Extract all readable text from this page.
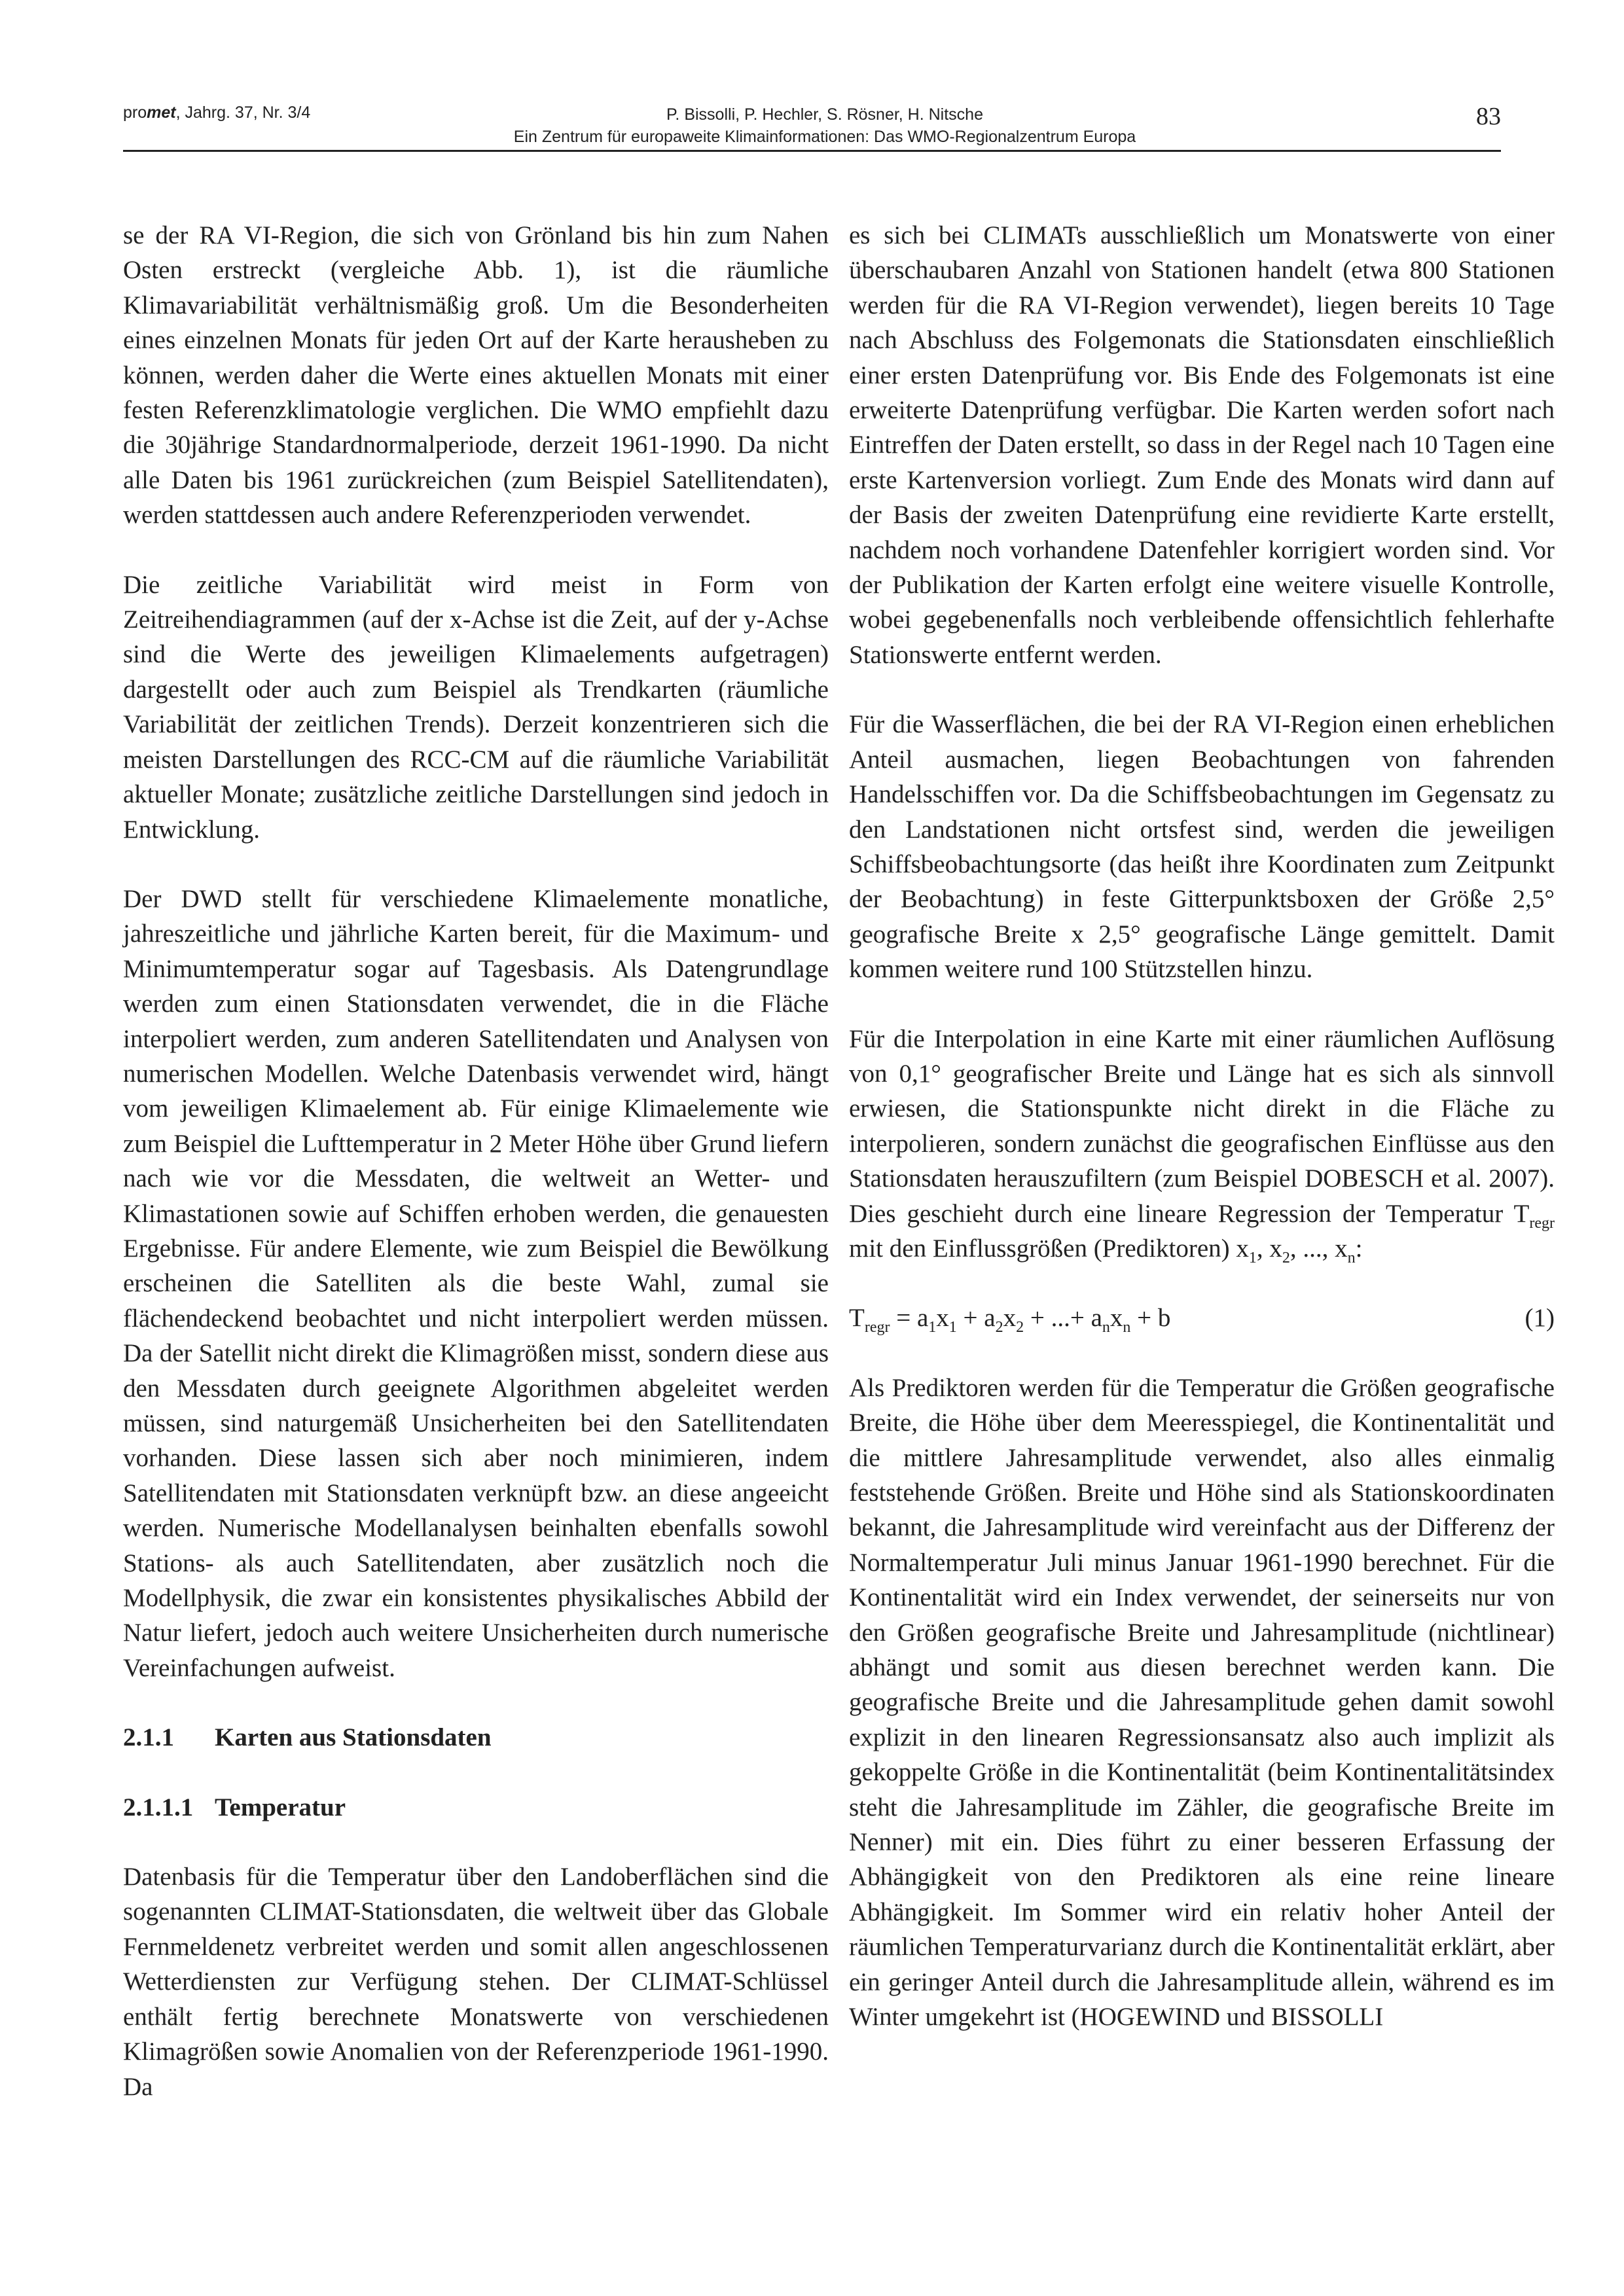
promet, Jahrg. 37, Nr. 3/4	P. Bissolli, P. Hechler, S. Rösner, H. Nitsche
Ein Zentrum für europaweite Klimainformationen: Das WMO-Regionalzentrum Europa
83

se der RA VI-Region, die sich von Grönland bis hin zum Nahen Osten erstreckt (vergleiche Abb. 1), ist die räumliche Klimavariabilität verhältnismäßig groß. Um die Besonderheiten eines einzelnen Monats für jeden Ort auf der Karte herausheben zu können, werden daher die Werte eines aktuellen Monats mit einer festen Referenzklimatologie verglichen. Die WMO empfiehlt dazu die 30jährige Standardnormalperiode, derzeit 1961-1990. Da nicht alle Daten bis 1961 zurückreichen (zum Beispiel Satellitendaten), werden stattdessen auch andere Referenzperioden verwendet.

Die zeitliche Variabilität wird meist in Form von Zeitreihendiagrammen (auf der x-Achse ist die Zeit, auf der y-Achse sind die Werte des jeweiligen Klimaelements aufgetragen) dargestellt oder auch zum Beispiel als Trendkarten (räumliche Variabilität der zeitlichen Trends). Derzeit konzentrieren sich die meisten Darstellungen des RCC-CM auf die räumliche Variabilität aktueller Monate; zusätzliche zeitliche Darstellungen sind jedoch in Entwicklung.

Der DWD stellt für verschiedene Klimaelemente monatliche, jahreszeitliche und jährliche Karten bereit, für die Maximum- und Minimumtemperatur sogar auf Tagesbasis. Als Datengrundlage werden zum einen Stationsdaten verwendet, die in die Fläche interpoliert werden, zum anderen Satellitendaten und Analysen von numerischen Modellen. Welche Datenbasis verwendet wird, hängt vom jeweiligen Klimaelement ab. Für einige Klimaelemente wie zum Beispiel die Lufttemperatur in 2 Meter Höhe über Grund liefern nach wie vor die Messdaten, die weltweit an Wetter- und Klimastationen sowie auf Schiffen erhoben werden, die genauesten Ergebnisse. Für andere Elemente, wie zum Beispiel die Bewölkung erscheinen die Satelliten als die beste Wahl, zumal sie flächendeckend beobachtet und nicht interpoliert werden müssen. Da der Satellit nicht direkt die Klimagrößen misst, sondern diese aus den Messdaten durch geeignete Algorithmen abgeleitet werden müssen, sind naturgemäß Unsicherheiten bei den Satellitendaten vorhanden. Diese lassen sich aber noch minimieren, indem Satellitendaten mit Stationsdaten verknüpft bzw. an diese angeeicht werden. Numerische Modellanalysen beinhalten ebenfalls sowohl Stations- als auch Satellitendaten, aber zusätzlich noch die Modellphysik, die zwar ein konsistentes physikalisches Abbild der Natur liefert, jedoch auch weitere Unsicherheiten durch numerische Vereinfachungen aufweist.

2.1.1 Karten aus Stationsdaten
2.1.1.1 Temperatur

Datenbasis für die Temperatur über den Landoberflächen sind die sogenannten CLIMAT-Stationsdaten, die weltweit über das Globale Fernmeldenetz verbreitet werden und somit allen angeschlossenen Wetterdiensten zur Verfügung stehen. Der CLIMAT-Schlüssel enthält fertig berechnete Monatswerte von verschiedenen Klimagrößen sowie Anomalien von der Referenzperiode 1961-1990. Da

es sich bei CLIMATs ausschließlich um Monatswerte von einer überschaubaren Anzahl von Stationen handelt (etwa 800 Stationen werden für die RA VI-Region verwendet), liegen bereits 10 Tage nach Abschluss des Folgemonats die Stationsdaten einschließlich einer ersten Datenprüfung vor. Bis Ende des Folgemonats ist eine erweiterte Datenprüfung verfügbar. Die Karten werden sofort nach Eintreffen der Daten erstellt, so dass in der Regel nach 10 Tagen eine erste Kartenversion vorliegt. Zum Ende des Monats wird dann auf der Basis der zweiten Datenprüfung eine revidierte Karte erstellt, nachdem noch vorhandene Datenfehler korrigiert worden sind. Vor der Publikation der Karten erfolgt eine weitere visuelle Kontrolle, wobei gegebenenfalls noch verbleibende offensichtlich fehlerhafte Stationswerte entfernt werden.

Für die Wasserflächen, die bei der RA VI-Region einen erheblichen Anteil ausmachen, liegen Beobachtungen von fahrenden Handelsschiffen vor. Da die Schiffsbeobachtungen im Gegensatz zu den Landstationen nicht ortsfest sind, werden die jeweiligen Schiffsbeobachtungsorte (das heißt ihre Koordinaten zum Zeitpunkt der Beobachtung) in feste Gitterpunktsboxen der Größe 2,5° geografische Breite x 2,5° geografische Länge gemittelt. Damit kommen weitere rund 100 Stützstellen hinzu.

Für die Interpolation in eine Karte mit einer räumlichen Auflösung von 0,1° geografischer Breite und Länge hat es sich als sinnvoll erwiesen, die Stationspunkte nicht direkt in die Fläche zu interpolieren, sondern zunächst die geografischen Einflüsse aus den Stationsdaten herauszufiltern (zum Beispiel DOBESCH et al. 2007). Dies geschieht durch eine lineare Regression der Temperatur $T_{regr}$ mit den Einflussgrößen (Prediktoren) $x_1$, $x_2$, ..., $x_n$:

$T_{regr} = a_1x_1 + a_2x_2$ + ...+ $a_nx_n + b$	(1)

Als Prediktoren werden für die Temperatur die Größen geografische Breite, die Höhe über dem Meeresspiegel, die Kontinentalität und die mittlere Jahresamplitude verwendet, also alles einmalig feststehende Größen. Breite und Höhe sind als Stationskoordinaten bekannt, die Jahresamplitude wird vereinfacht aus der Differenz der Normaltemperatur Juli minus Januar 1961-1990 berechnet. Für die Kontinentalität wird ein Index verwendet, der seinerseits nur von den Größen geografische Breite und Jahresamplitude (nichtlinear) abhängt und somit aus diesen berechnet werden kann. Die geografische Breite und die Jahresamplitude gehen damit sowohl explizit in den linearen Regressionsansatz also auch implizit als gekoppelte Größe in die Kontinentalität (beim Kontinentalitätsindex steht die Jahresamplitude im Zähler, die geografische Breite im Nenner) mit ein. Dies führt zu einer besseren Erfassung der Abhängigkeit von den Prediktoren als eine reine lineare Abhängigkeit. Im Sommer wird ein relativ hoher Anteil der räumlichen Temperaturvarianz durch die Kontinentalität erklärt, aber ein geringer Anteil durch die Jahresamplitude allein, während es im Winter umgekehrt ist (HOGEWIND und BISSOLLI
